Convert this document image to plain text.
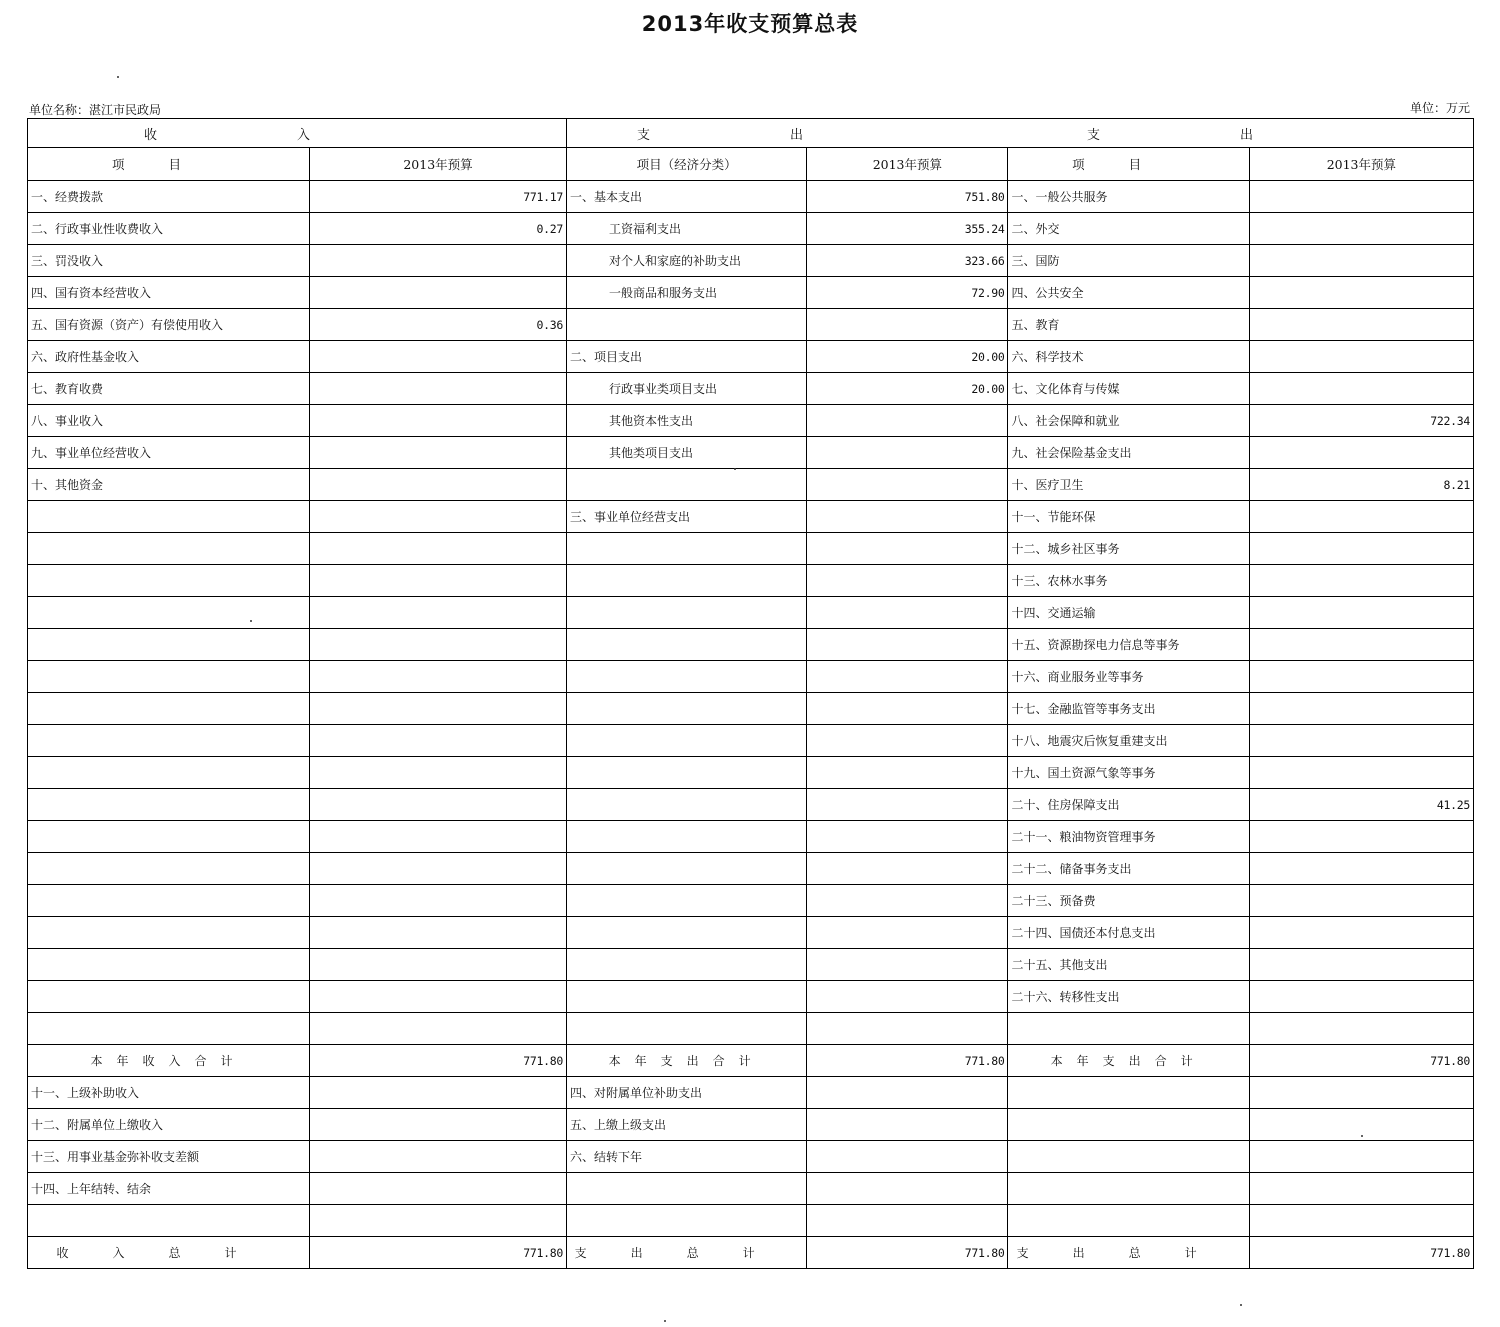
2013年收支预算总表
单位名称：湛江市民政局	单位：万元
收入		支出 支出			
项目	2013年预算	项目（经济分类）	2013年预算	项目	2013年预算
一、经费拨款	771.17	一、基本支出	751.80	一、一般公共服务	
二、行政事业性收费收入	0.27	工资福利支出	355.24	二、外交	
三、罚没收入		对个人和家庭的补助支出	323.66	三、国防	
四、国有资本经营收入		一般商品和服务支出	72.90	四、公共安全	
五、国有资源（资产）有偿使用收入	0.36			五、教育	
六、政府性基金收入		二、项目支出	20.00	六、科学技术	
七、教育收费		行政事业类项目支出	20.00	七、文化体育与传媒	
八、事业收入		其他资本性支出		八、社会保障和就业	722.34
九、事业单位经营收入		其他类项目支出		九、社会保险基金支出	
十、其他资金				十、医疗卫生	8.21
		三、事业单位经营支出		十一、节能环保	
				十二、城乡社区事务	
				十三、农林水事务	
				十四、交通运输	
				十五、资源勘探电力信息等事务	
				十六、商业服务业等事务	
				十七、金融监管等事务支出	
				十八、地震灾后恢复重建支出	
				十九、国土资源气象等事务	
				二十、住房保障支出	41.25
				二十一、粮油物资管理事务	
				二十二、储备事务支出	
				二十三、预备费	
				二十四、国债还本付息支出	
				二十五、其他支出	
				二十六、转移性支出	

本年收入合计	771.80	本年支出合计	771.80	本年支出合计	771.80
十一、上级补助收入		四、对附属单位补助支出			
十二、附属单位上缴收入		五、上缴上级支出			
十三、用事业基金弥补收支差额		六、结转下年			
十四、上年结转、结余					

收入总计	771.80	支出总计	771.80	支出总计	771.80
